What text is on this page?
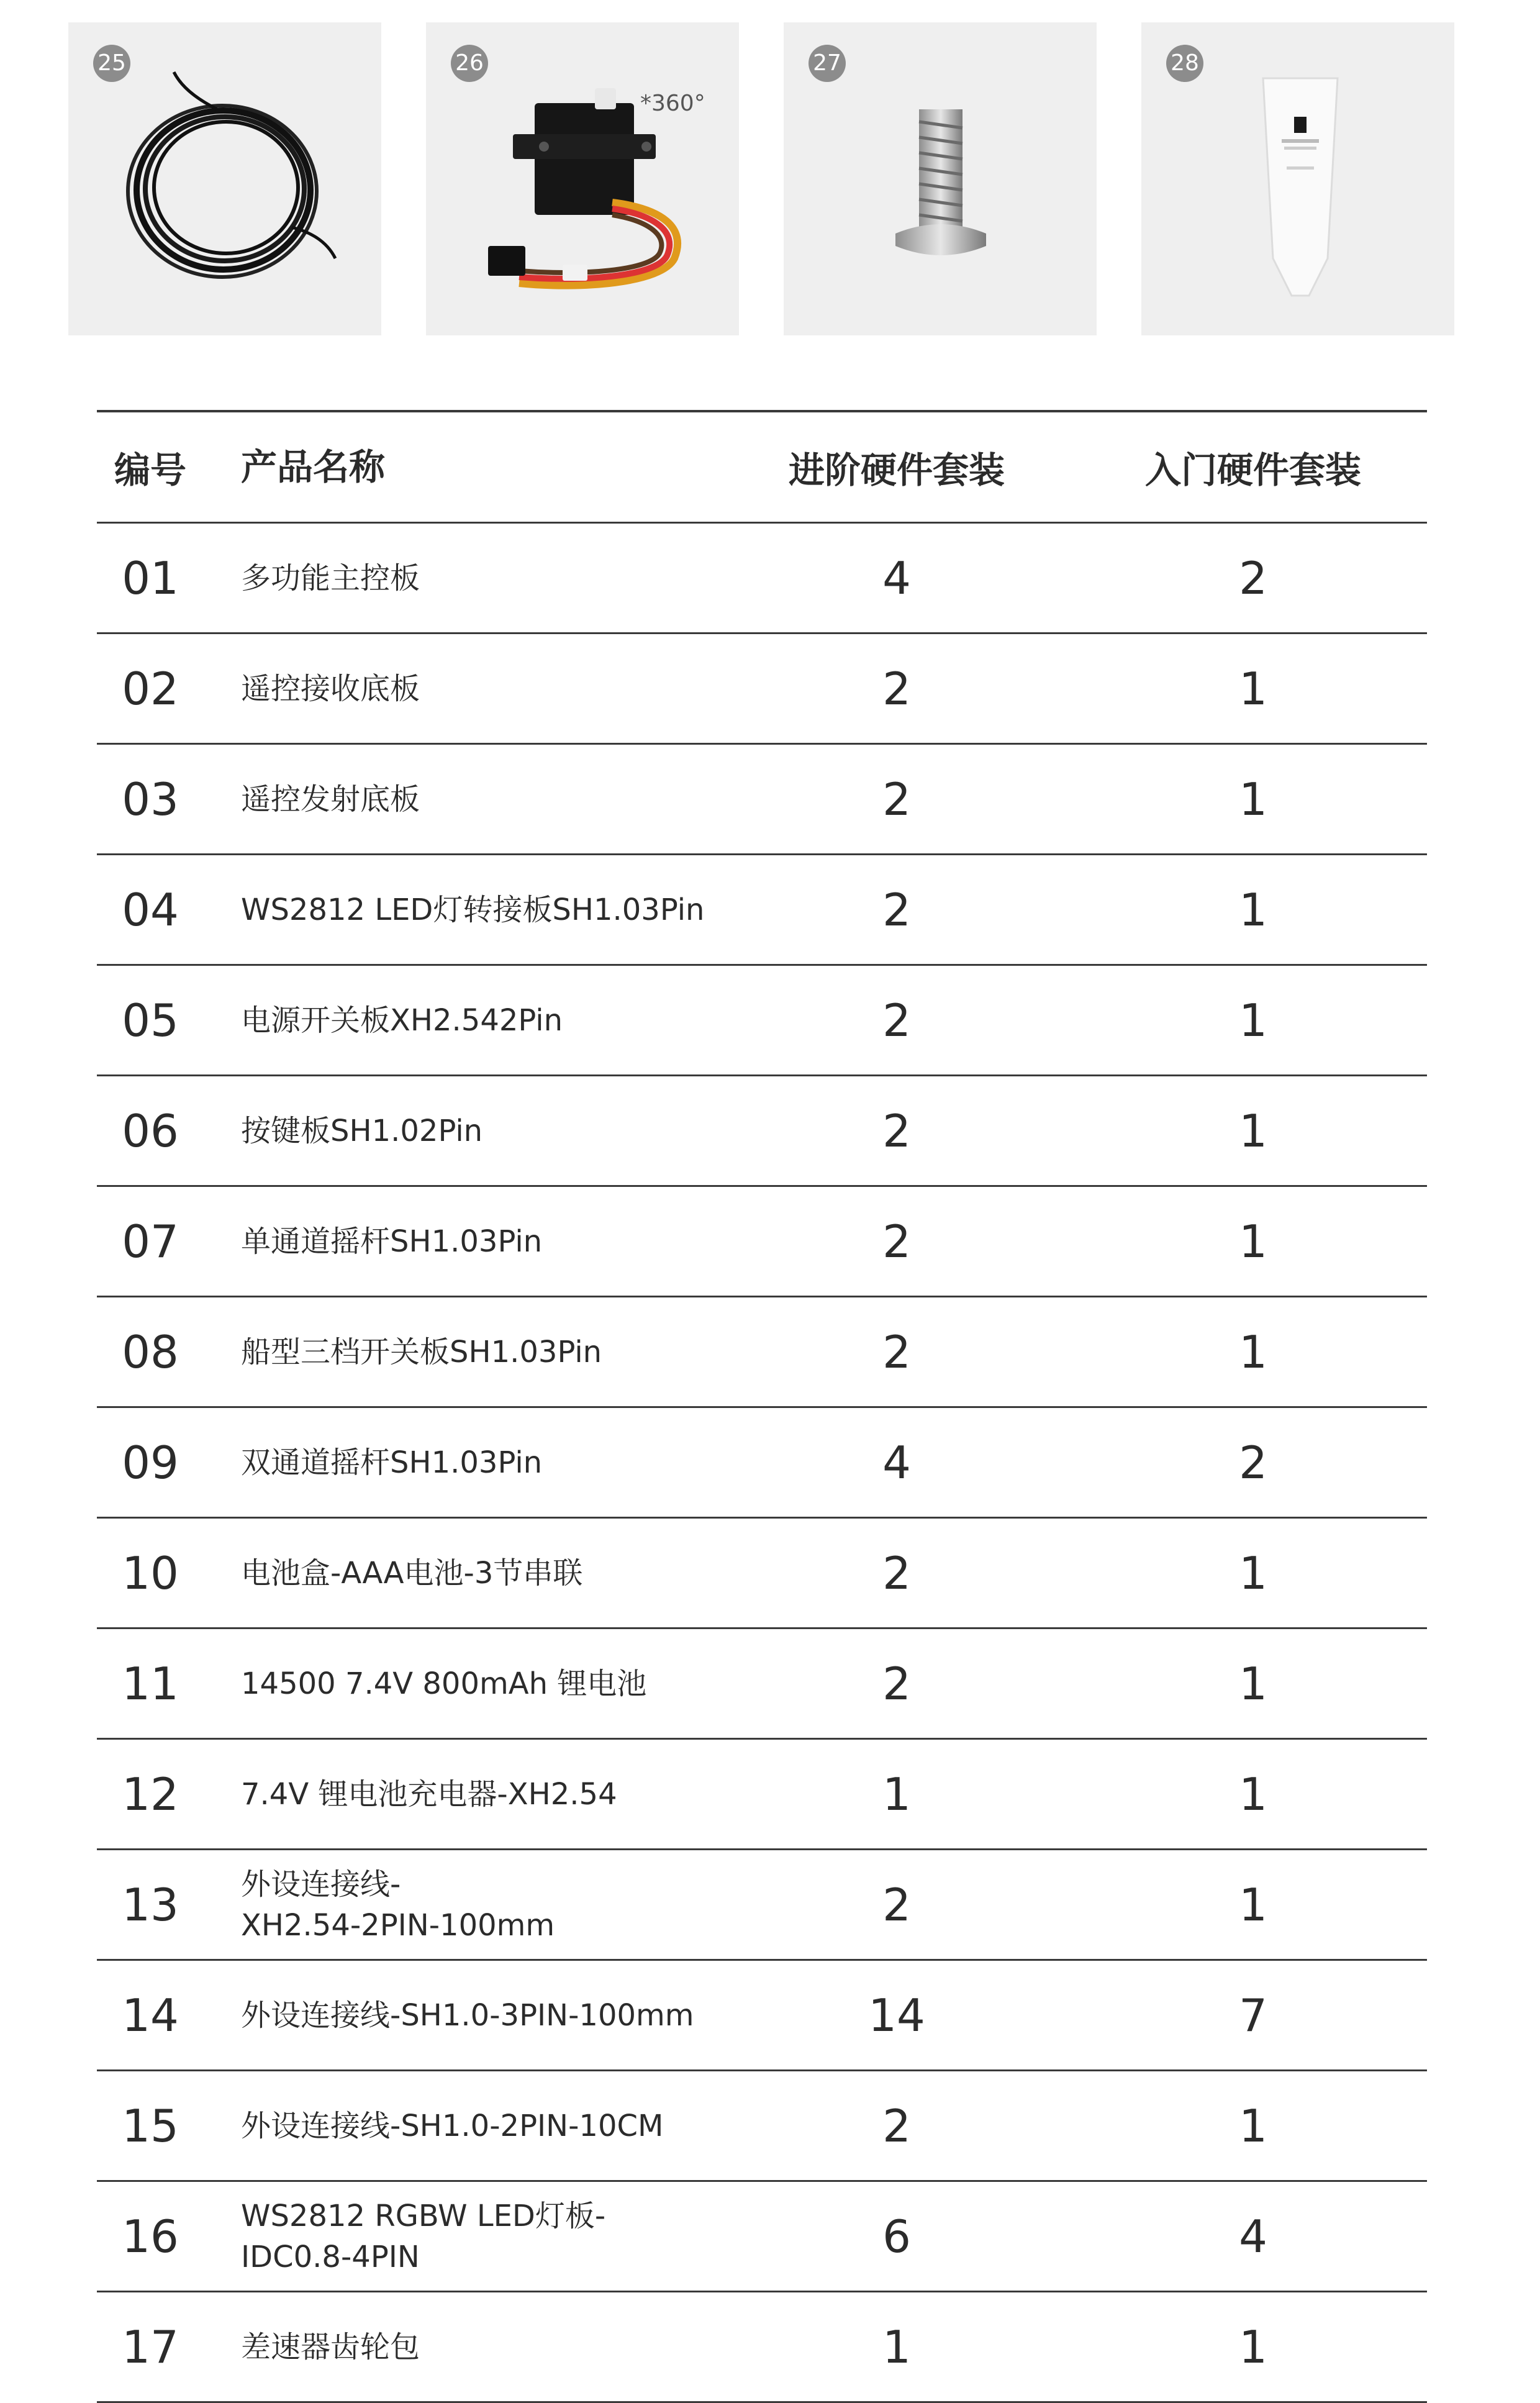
25	26
*360°
27	28
编号	产品名称	进阶硬件套装	入门硬件套装
01	多功能主控板	4	2
02	遥控接收底板	2	1
03	遥控发射底板	2	1
04	WS2812 LED灯转接板SH1.03Pin	2	1
05	电源开关板XH2.542Pin	2	1
06	按键板SH1.02Pin	2	1
07	单通道摇杆SH1.03Pin	2	1
08	船型三档开关板SH1.03Pin	2	1
09	双通道摇杆SH1.03Pin	4	2
10	电池盒-AAA电池-3节串联	2	1
11	14500 7.4V 800mAh 锂电池	2	1
12	7.4V 锂电池充电器-XH2.54	1	1
13	外设连接线-
XH2.54-2PIN-100mm	2	1
14	外设连接线-SH1.0-3PIN-100mm	14	7
15	外设连接线-SH1.0-2PIN-10CM	2	1
16	WS2812 RGBW LED灯板-
IDC0.8-4PIN	6	4
17	差速器齿轮包	1	1
